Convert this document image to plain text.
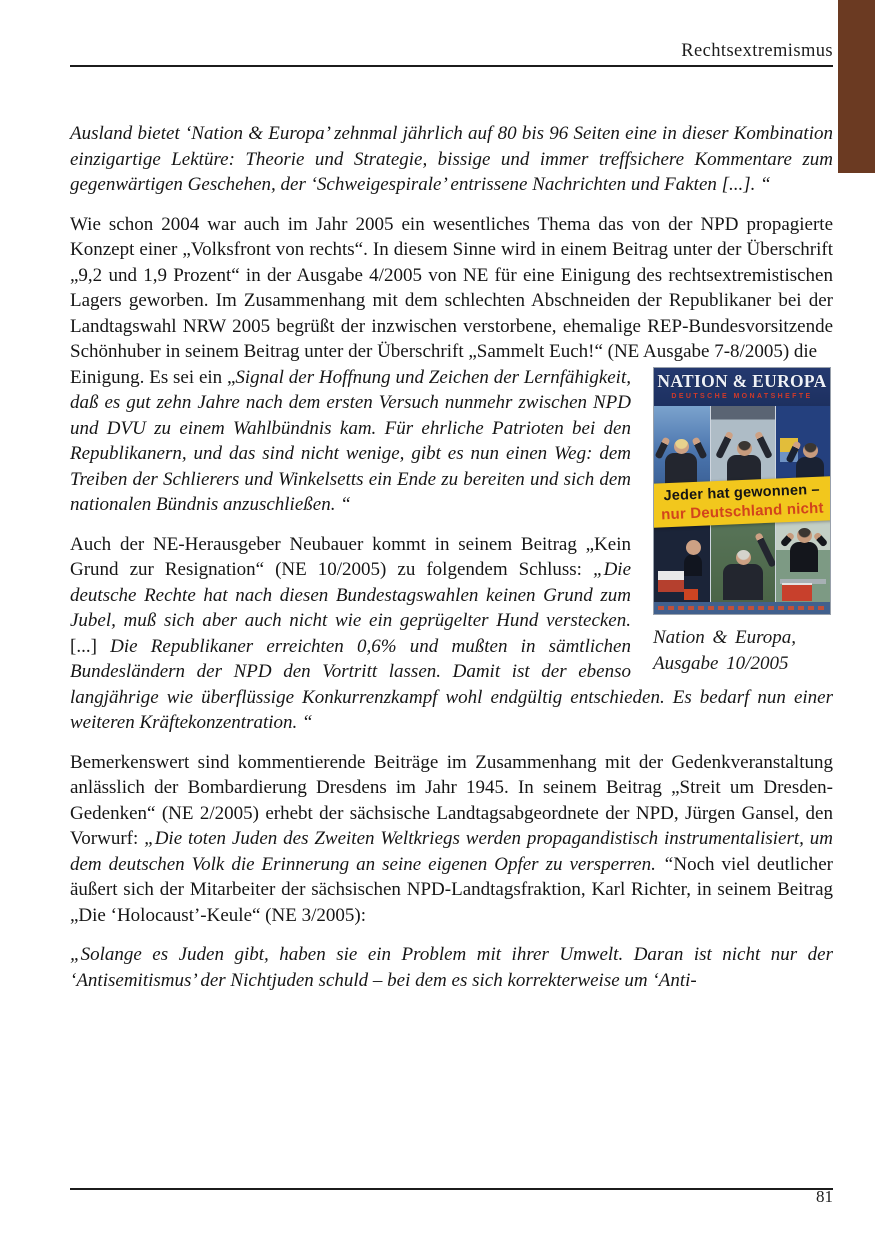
Rechtsextremismus

Ausland bietet ‘Nation & Europa’ zehnmal jährlich auf 80 bis 96 Seiten eine in dieser Kombination einzigartige Lektüre: Theorie und Strategie, bissige und immer treffsichere Kommentare zum gegenwärtigen Geschehen, der ‘Schweigespirale’ entrissene Nachrichten und Fakten [...]. “

Wie schon 2004 war auch im Jahr 2005 ein wesentliches Thema das von der NPD propagierte Konzept einer „Volksfront von rechts“. In diesem Sinne wird in einem Beitrag unter der Überschrift „9,2 und 1,9 Prozent“ in der Ausgabe 4/2005 von NE für eine Einigung des rechtsextremistischen Lagers geworben. Im Zusammenhang mit dem schlechten Abschneiden der Republikaner bei der Landtagswahl NRW 2005 begrüßt der inzwischen verstorbene, ehemalige REP-Bundesvorsitzende Schönhuber in seinem Beitrag unter der Überschrift „Sammelt Euch!“ (NE Ausgabe 7-8/2005) die

NATION & EUROPA
DEUTSCHE MONATSHEFTE
Jeder hat gewonnen –
nur Deutschland nicht
Nation & Europa,
Ausgabe 10/2005

Einigung. Es sei ein „Signal der Hoffnung und Zeichen der Lernfähigkeit, daß es gut zehn Jahre nach dem ersten Versuch nunmehr zwischen NPD und DVU zu einem Wahlbündnis kam. Für ehrliche Patrioten bei den Republikanern, und das sind nicht wenige, gibt es nun einen Weg: dem Treiben der Schlierers und Winkelsetts ein Ende zu bereiten und sich dem nationalen Bündnis anzuschließen. “

Auch der NE-Herausgeber Neubauer kommt in seinem Beitrag „Kein Grund zur Resignation“ (NE 10/2005) zu folgendem Schluss: „Die deutsche Rechte hat nach diesen Bundestagswahlen keinen Grund zum Jubel, muß sich aber auch nicht wie ein geprügelter Hund verstecken. [...] Die Republikaner erreichten 0,6% und mußten in sämtlichen Bundesländern der NPD den Vortritt lassen. Damit ist der ebenso langjährige wie überflüssige Konkurrenzkampf wohl endgültig entschieden. Es bedarf nun einer weiteren Kräftekonzentration. “

Bemerkenswert sind kommentierende Beiträge im Zusammenhang mit der Gedenkveranstaltung anlässlich der Bombardierung Dresdens im Jahr 1945. In seinem Beitrag „Streit um Dresden-Gedenken“ (NE 2/2005) erhebt der sächsische Landtagsabgeordnete der NPD, Jürgen Gansel, den Vorwurf: „Die toten Juden des Zweiten Weltkriegs werden propagandistisch instrumentalisiert, um dem deutschen Volk die Erinnerung an seine eigenen Opfer zu versperren. “Noch viel deutlicher äußert sich der Mitarbeiter der sächsischen NPD-Landtagsfraktion, Karl Richter, in seinem Beitrag „Die ‘Holocaust’-Keule“ (NE 3/2005):

„Solange es Juden gibt, haben sie ein Problem mit ihrer Umwelt. Daran ist nicht nur der ‘Antisemitismus’ der Nichtjuden schuld – bei dem es sich korrekterweise um ‘Anti-

81
